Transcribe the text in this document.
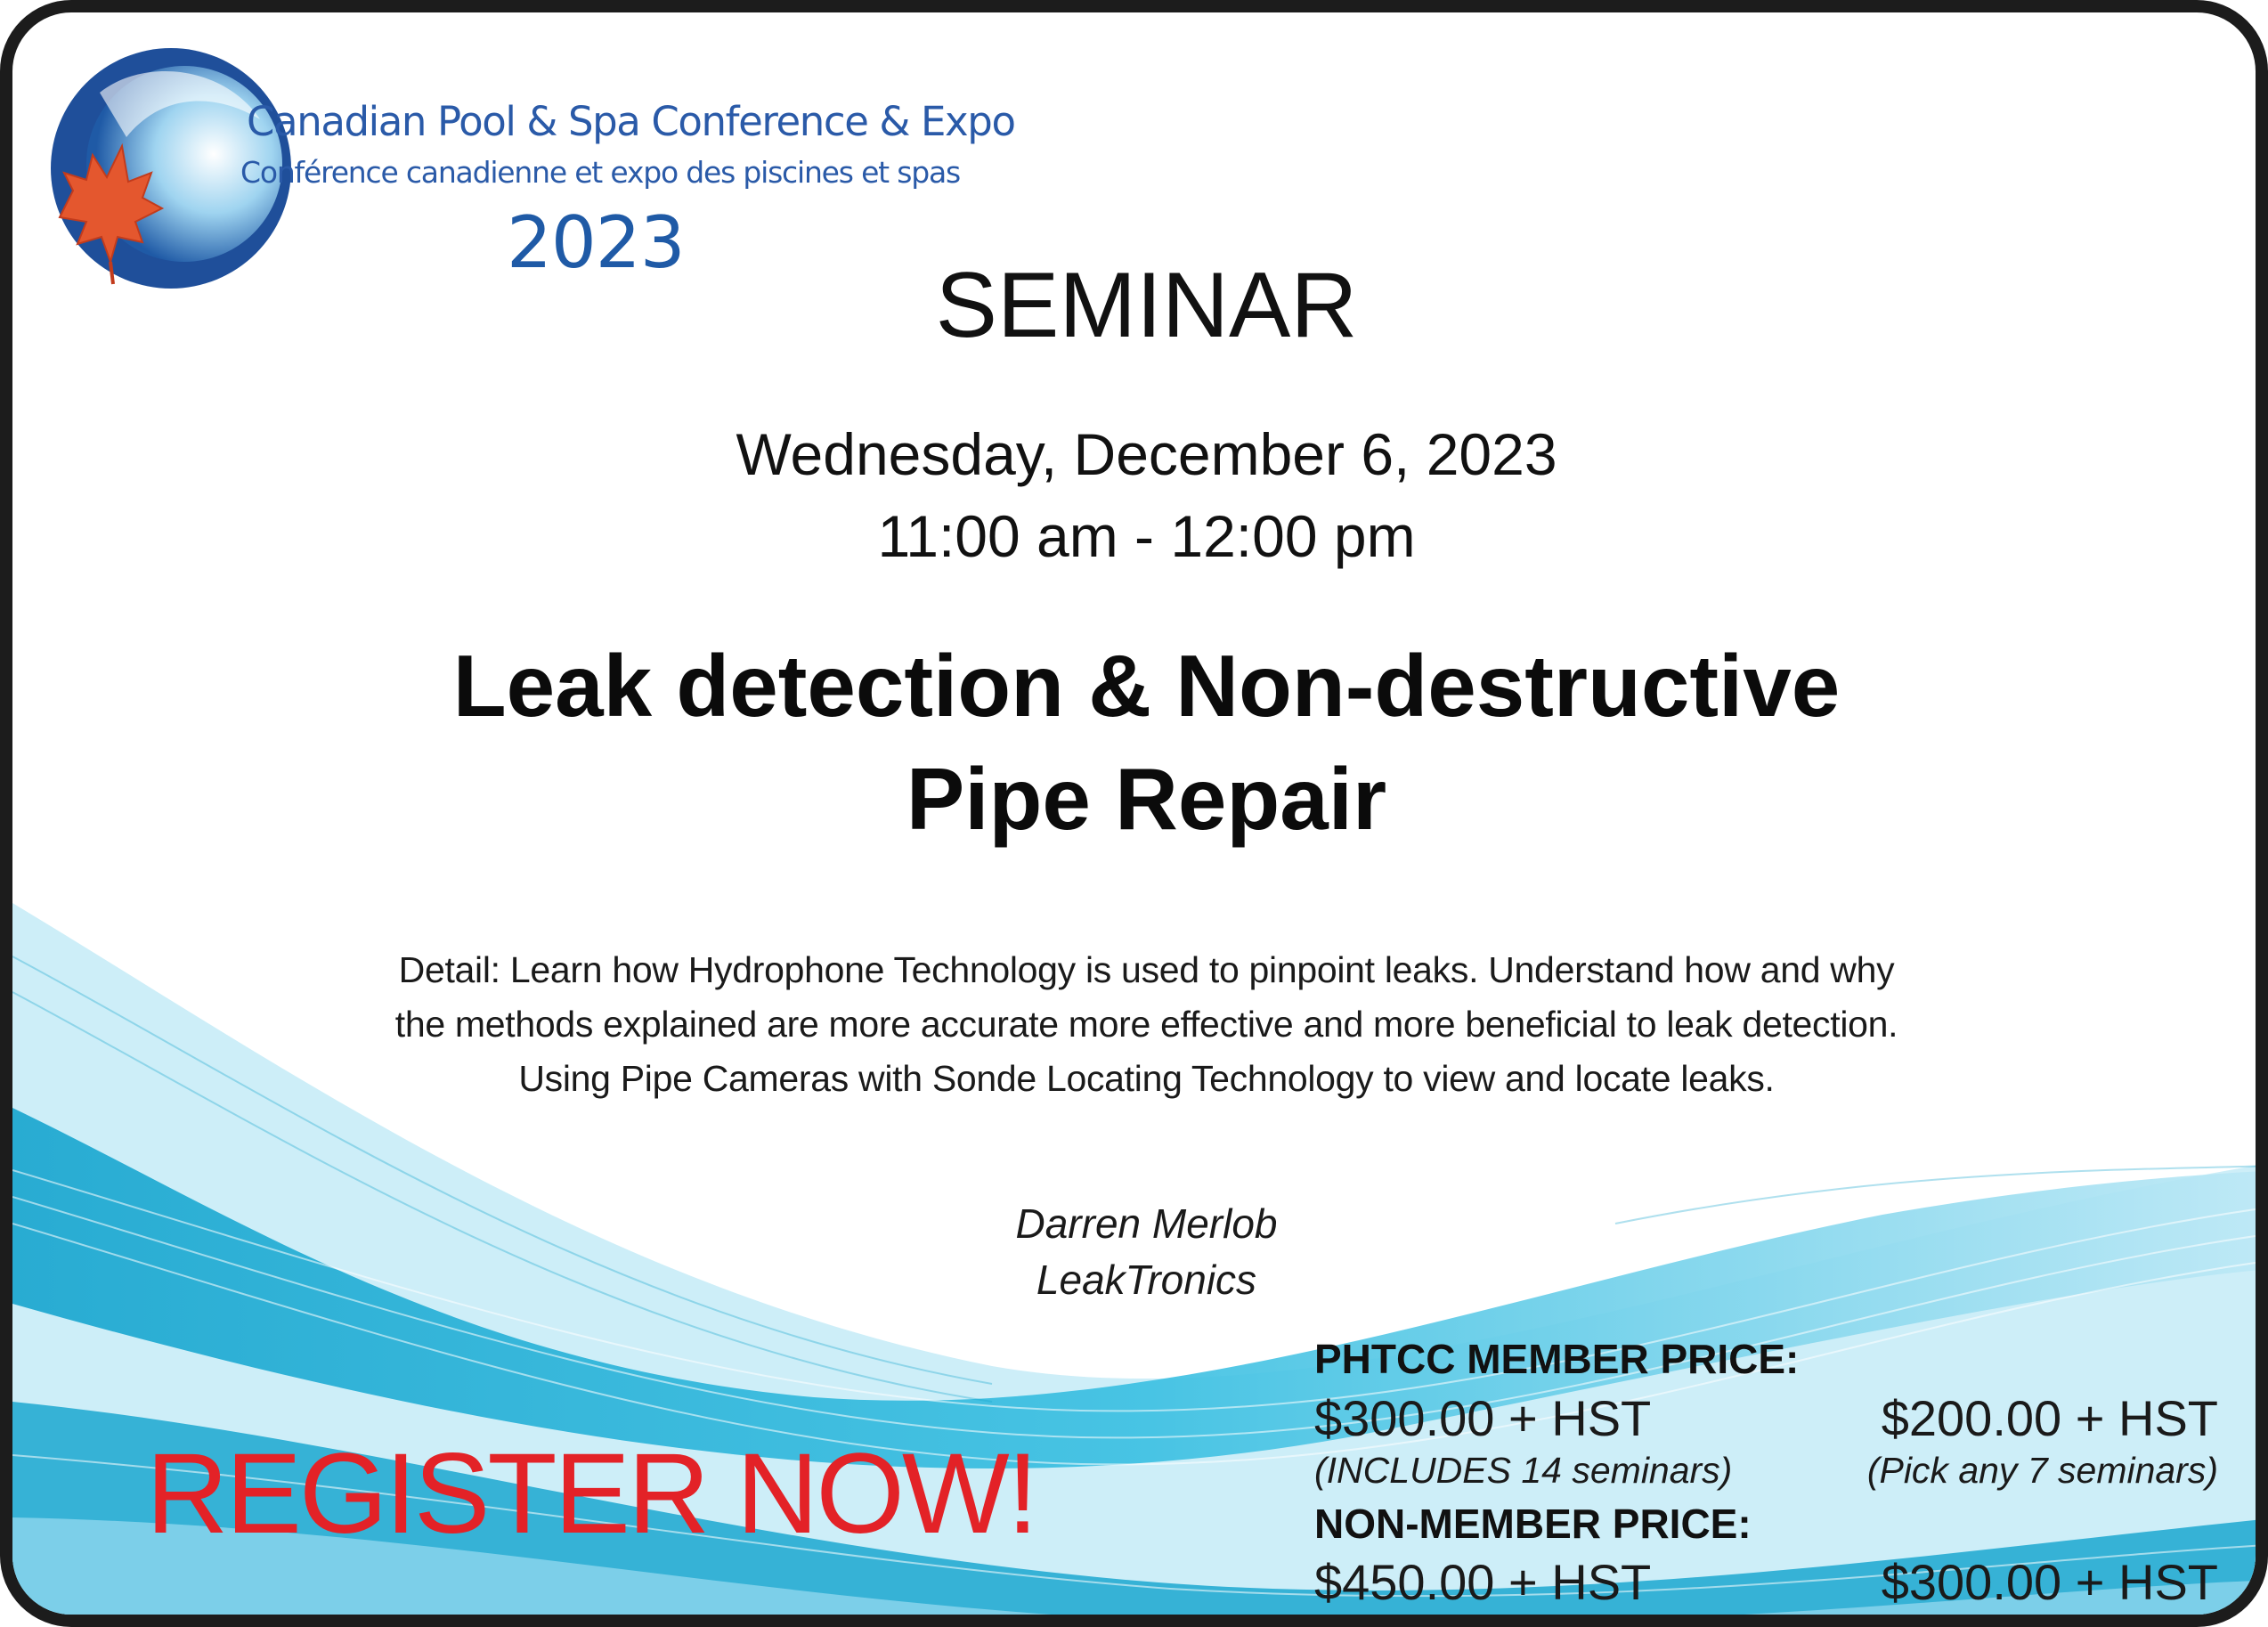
Canadian Pool & Spa Conference & Expo
Conférence canadienne et expo des piscines et spas
2023
SEMINAR
Wednesday, December 6, 2023
11:00 am - 12:00 pm
Leak detection & Non-destructive
Pipe Repair
Detail: Learn how Hydrophone Technology is used to pinpoint leaks. Understand how and why
the methods explained are more accurate more effective and more beneficial to leak detection.
Using Pipe Cameras with Sonde Locating Technology to view and locate leaks.
Darren Merlob
LeakTronics
REGISTER NOW!
PHTCC MEMBER PRICE:
$300.00 + HST	$200.00 + HST
(INCLUDES 14 seminars)	(Pick any 7 seminars)
NON-MEMBER PRICE:
$450.00 + HST	$300.00 + HST
